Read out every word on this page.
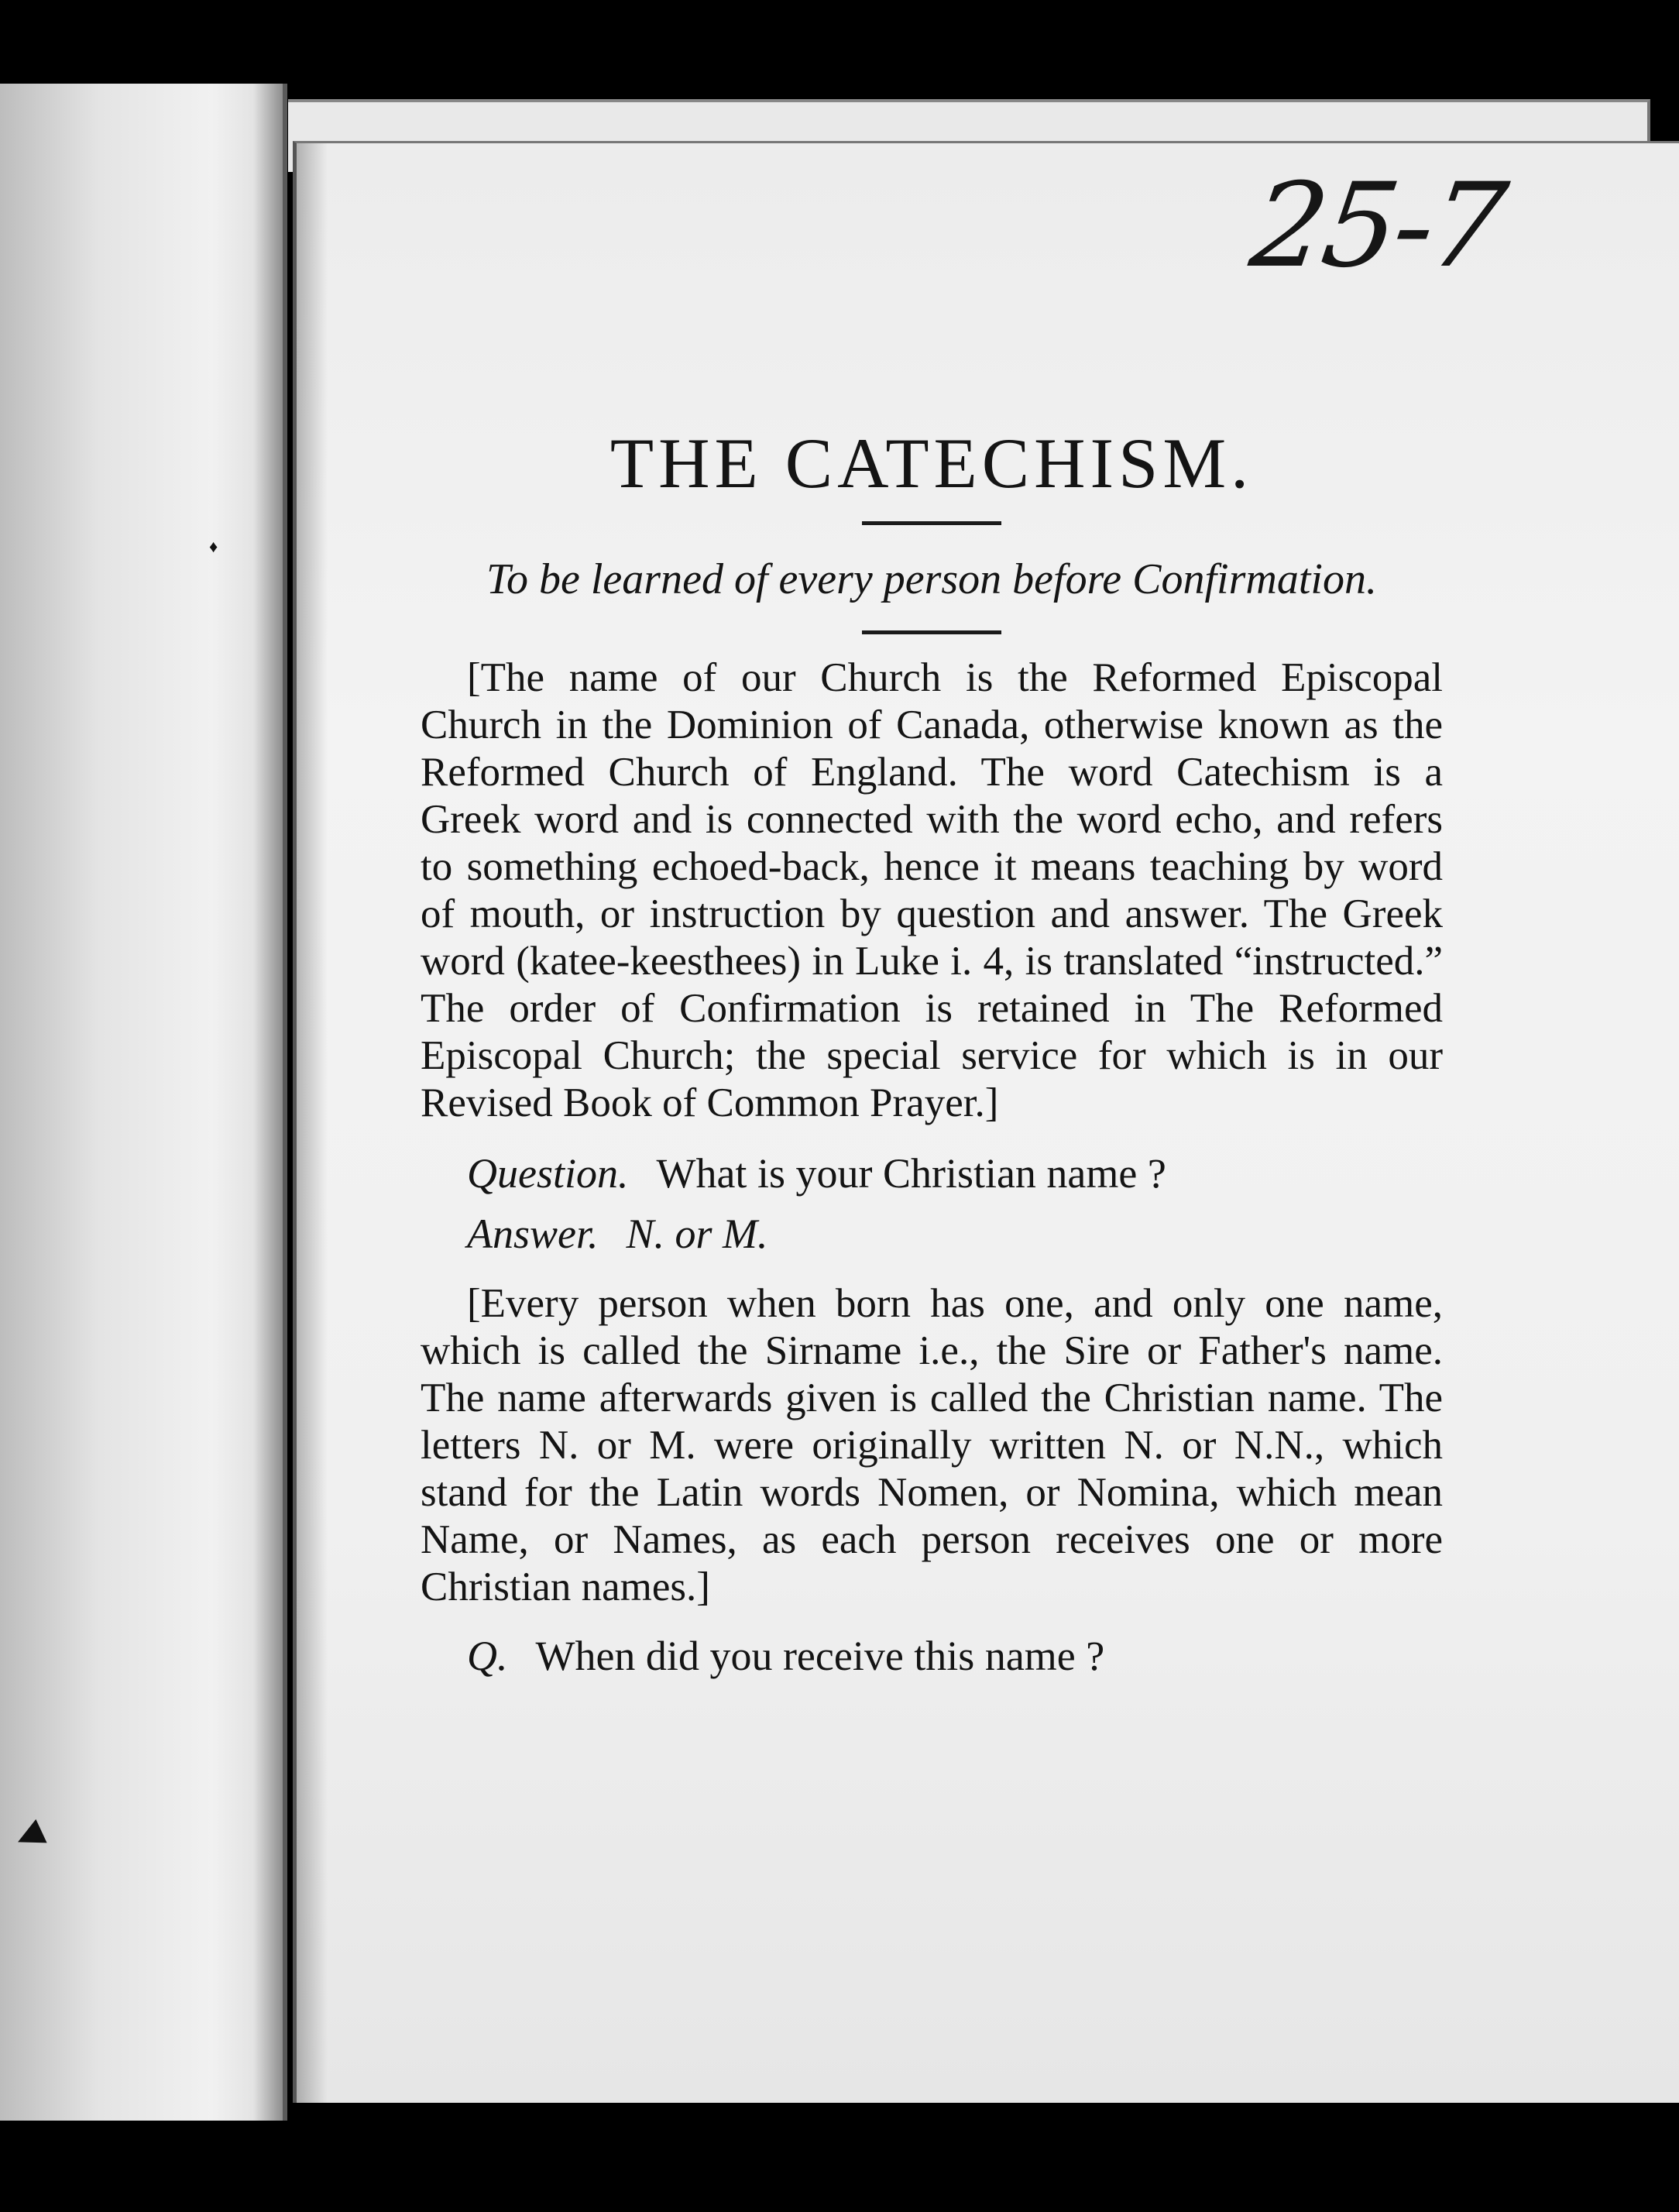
♦
◀
25-7
THE CATECHISM.

To be learned of every person before Confirmation.

[The name of our Church is the Reformed Episcopal Church in the Dominion of Canada, otherwise known as the Reformed Church of England. The word Catechism is a Greek word and is connected with the word echo, and refers to something echoed-back, hence it means teaching by word of mouth, or instruction by question and answer. The Greek word (katee-keesthees) in Luke i. 4, is translated “instructed.” The order of Confirmation is retained in The Reformed Episcopal Church; the special service for which is in our Revised Book of Common Prayer.]

Question. What is your Christian name ?
Answer. N. or M.

[Every person when born has one, and only one name, which is called the Sirname i.e., the Sire or Father's name. The name afterwards given is called the Christian name. The letters N. or M. were originally written N. or N.N., which stand for the Latin words Nomen, or Nomina, which mean Name, or Names, as each person receives one or more Christian names.]

Q. When did you receive this name ?
